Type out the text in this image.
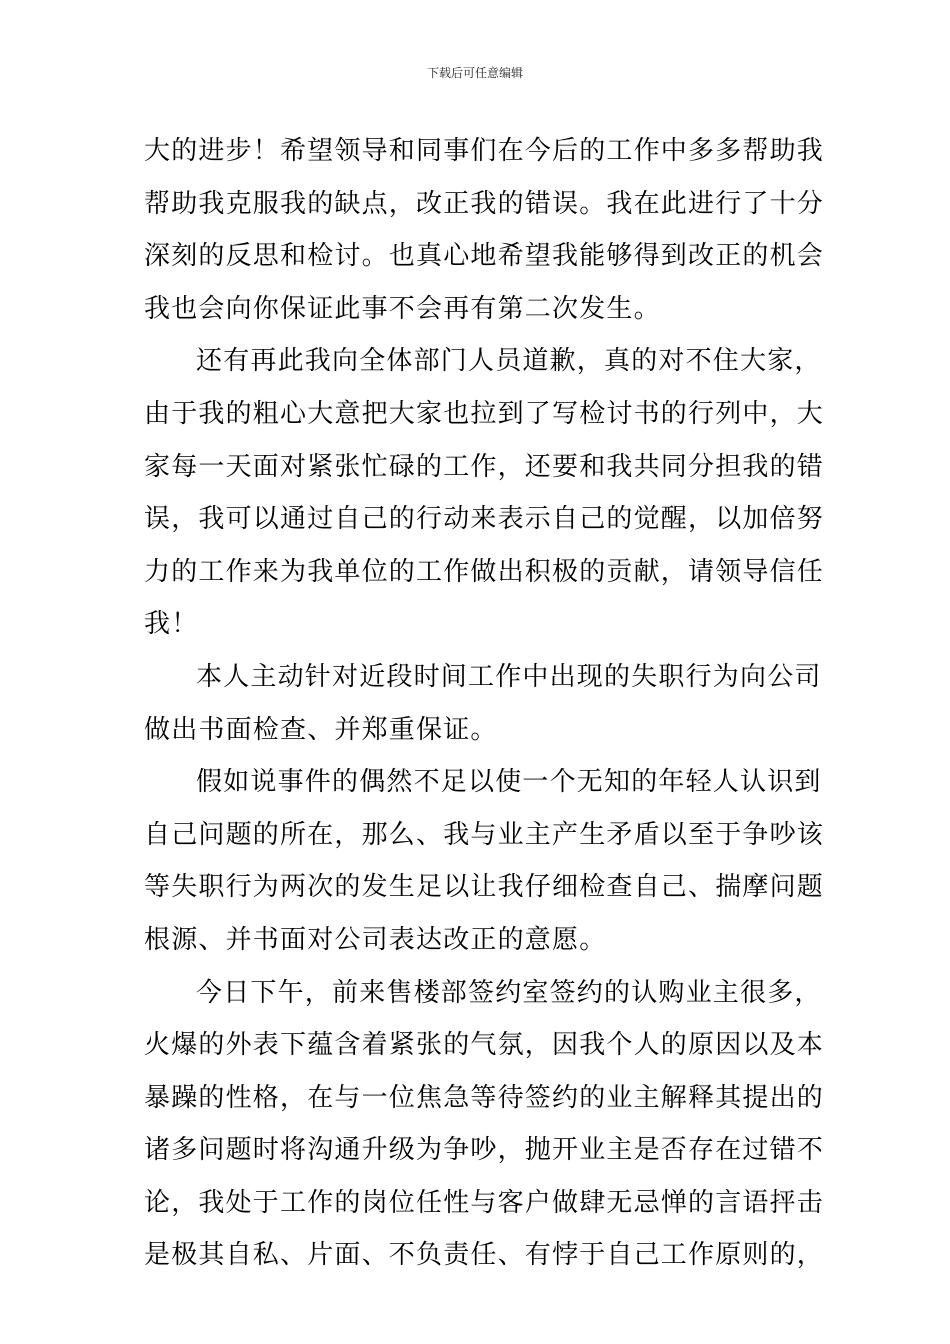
下载后可任意编辑
大的进步！希望领导和同事们在今后的工作中多多帮助我
帮助我克服我的缺点，改正我的错误。我在此进行了十分
深刻的反思和检讨。也真心地希望我能够得到改正的机会
我也会向你保证此事不会再有第二次发生。
还有再此我向全体部门人员道歉，真的对不住大家，
由于我的粗心大意把大家也拉到了写检讨书的行列中，大
家每一天面对紧张忙碌的工作，还要和我共同分担我的错
误，我可以通过自己的行动来表示自己的觉醒，以加倍努
力的工作来为我单位的工作做出积极的贡献，请领导信任
我！
本人主动针对近段时间工作中出现的失职行为向公司
做出书面检查、并郑重保证。
假如说事件的偶然不足以使一个无知的年轻人认识到
自己问题的所在，那么、我与业主产生矛盾以至于争吵该
等失职行为两次的发生足以让我仔细检查自己、揣摩问题
根源、并书面对公司表达改正的意愿。
今日下午，前来售楼部签约室签约的认购业主很多，
火爆的外表下蕴含着紧张的气氛，因我个人的原因以及本
暴躁的性格，在与一位焦急等待签约的业主解释其提出的
诸多问题时将沟通升级为争吵，抛开业主是否存在过错不
论，我处于工作的岗位任性与客户做肆无忌惮的言语抨击
是极其自私、片面、不负责任、有悖于自己工作原则的，
